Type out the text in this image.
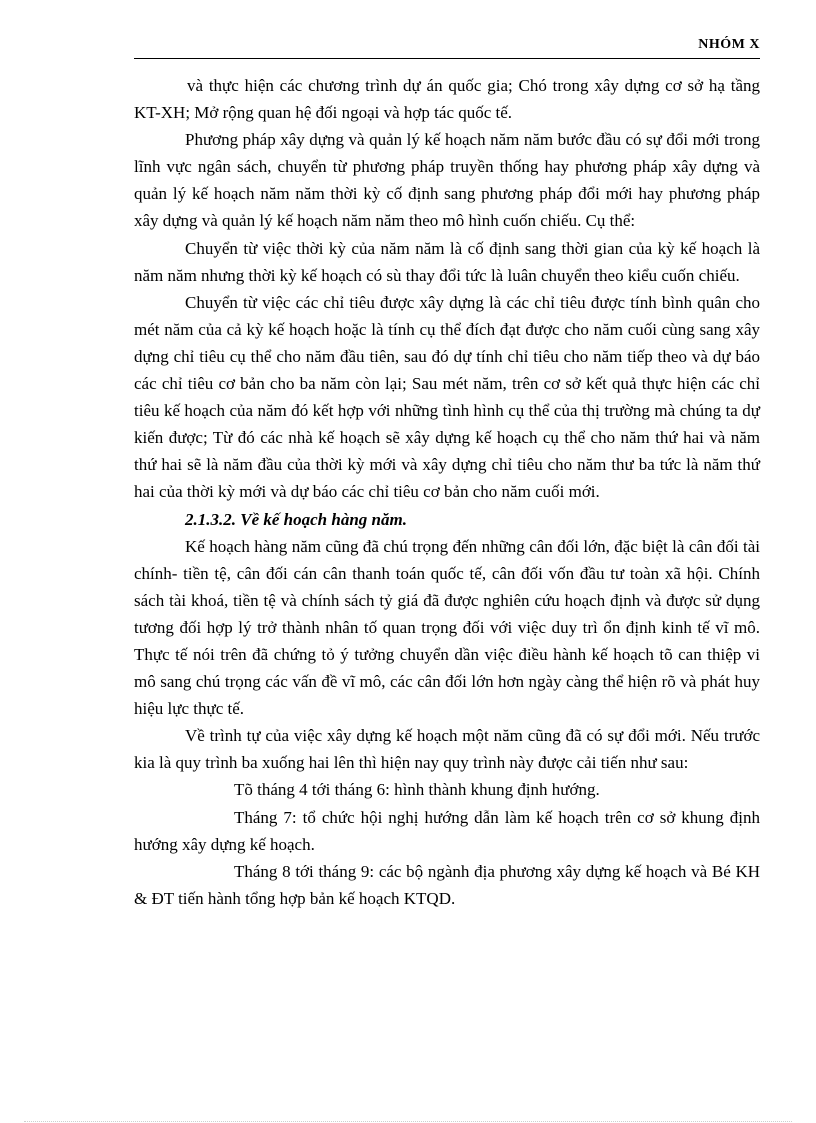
NHÓM X

và thực hiện các chương trình dự án quốc gia; Chó trong xây dựng cơ sở hạ tầng KT-XH; Mở rộng quan hệ đối ngoại và hợp tác quốc tế.

Phương pháp xây dựng và quản lý kế hoạch năm năm bước đầu có sự đổi mới trong lĩnh vực ngân sách, chuyển từ phương pháp truyền thống hay phương pháp xây dựng và quản lý kế hoạch năm năm thời kỳ cố định sang phương pháp đổi mới hay phương pháp xây dựng và quản lý kế hoạch năm năm theo mô hình cuốn chiếu. Cụ thể:

Chuyển từ việc thời kỳ của năm năm là cố định sang thời gian của kỳ kế hoạch là năm năm nhưng thời kỳ kế hoạch có sù thay đổi tức là luân chuyển theo kiểu cuốn chiếu.

Chuyển từ việc các chỉ tiêu được xây dựng là các chỉ tiêu được tính bình quân cho mét năm của cả kỳ kế hoạch hoặc là tính cụ thể đích đạt được cho năm cuối cùng sang xây dựng chỉ tiêu cụ thể cho năm đầu tiên, sau đó dự tính chỉ tiêu cho năm tiếp theo và dự báo các chỉ tiêu cơ bản cho ba năm còn lại; Sau mét năm, trên cơ sở kết quả thực hiện các chỉ tiêu kế hoạch của năm đó kết hợp với những tình hình cụ thể của thị trường mà chúng ta dự kiến được; Từ đó các nhà kế hoạch sẽ xây dựng kế hoạch cụ thể cho năm thứ hai và năm thứ hai sẽ là năm đầu của thời kỳ mới và xây dựng chỉ tiêu cho năm thư ba tức là năm thứ hai của thời kỳ mới và dự báo các chỉ tiêu cơ bản cho năm cuối mới.

2.1.3.2. Về kế hoạch hàng năm.

Kế hoạch hàng năm cũng đã chú trọng đến những cân đối lớn, đặc biệt là cân đối tài chính- tiền tệ, cân đối cán cân thanh toán quốc tế, cân đối vốn đầu tư toàn xã hội. Chính sách tài khoá, tiền tệ và chính sách tỷ giá đã được nghiên cứu hoạch định và được sử dụng tương đối hợp lý trở thành nhân tố quan trọng đối với việc duy trì ổn định kinh tế vĩ mô. Thực tế nói trên đã chứng tỏ ý tưởng chuyển dần việc điều hành kế hoạch tõ can thiệp vi mô sang chú trọng các vấn đề vĩ mô, các cân đối lớn hơn ngày càng thể hiện rõ và phát huy hiệu lực thực tế.

Về trình tự của việc xây dựng kế hoạch một năm cũng đã có sự đổi mới. Nếu trước kia là quy trình ba xuống hai lên thì hiện nay quy trình này được cải tiến như sau:

Tõ tháng 4 tới tháng 6: hình thành khung định hướng.

Tháng 7: tổ chức hội nghị hướng dẫn làm kế hoạch trên cơ sở khung định hướng xây dựng kế hoạch.

Tháng 8 tới tháng 9: các bộ ngành địa phương xây dựng kế hoạch và Bé KH & ĐT tiến hành tổng hợp bản kế hoạch KTQD.
